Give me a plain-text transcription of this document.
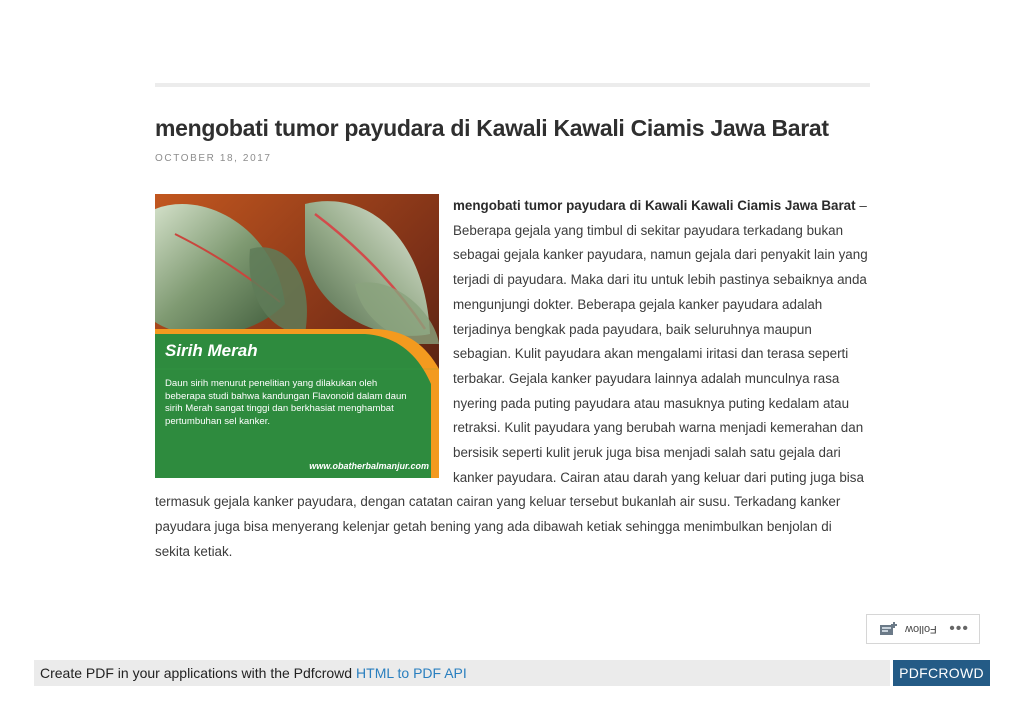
mengobati tumor payudara di Kawali Kawali Ciamis Jawa Barat
OCTOBER 18, 2017
Sirih Merah
Daun sirih menurut penelitian yang dilakukan oleh beberapa studi bahwa kandungan Flavonoid dalam daun sirih Merah sangat tinggi dan berkhasiat menghambat pertumbuhan sel kanker.
www.obatherbalmanjur.com
mengobati tumor payudara di Kawali Kawali Ciamis Jawa Barat – Beberapa gejala yang timbul di sekitar payudara terkadang bukan sebagai gejala kanker payudara, namun gejala dari penyakit lain yang terjadi di payudara. Maka dari itu untuk lebih pastinya sebaiknya anda mengunjungi dokter. Beberapa gejala kanker payudara adalah terjadinya bengkak pada payudara, baik seluruhnya maupun sebagian. Kulit payudara akan mengalami iritasi dan terasa seperti terbakar. Gejala kanker payudara lainnya adalah munculnya rasa nyering pada puting payudara atau masuknya puting kedalam atau retraksi. Kulit payudara yang berubah warna menjadi kemerahan dan bersisik seperti kulit jeruk juga bisa menjadi salah satu gejala dari kanker payudara. Cairan atau darah yang keluar dari puting juga bisa termasuk gejala kanker payudara, dengan catatan cairan yang keluar tersebut bukanlah air susu. Terkadang kanker payudara juga bisa menyerang kelenjar getah bening yang ada dibawah ketiak sehingga menimbulkan benjolan di sekita ketiak.
Follow •••
Create PDF in your applications with the Pdfcrowd HTML to PDF API	PDFCROWD
